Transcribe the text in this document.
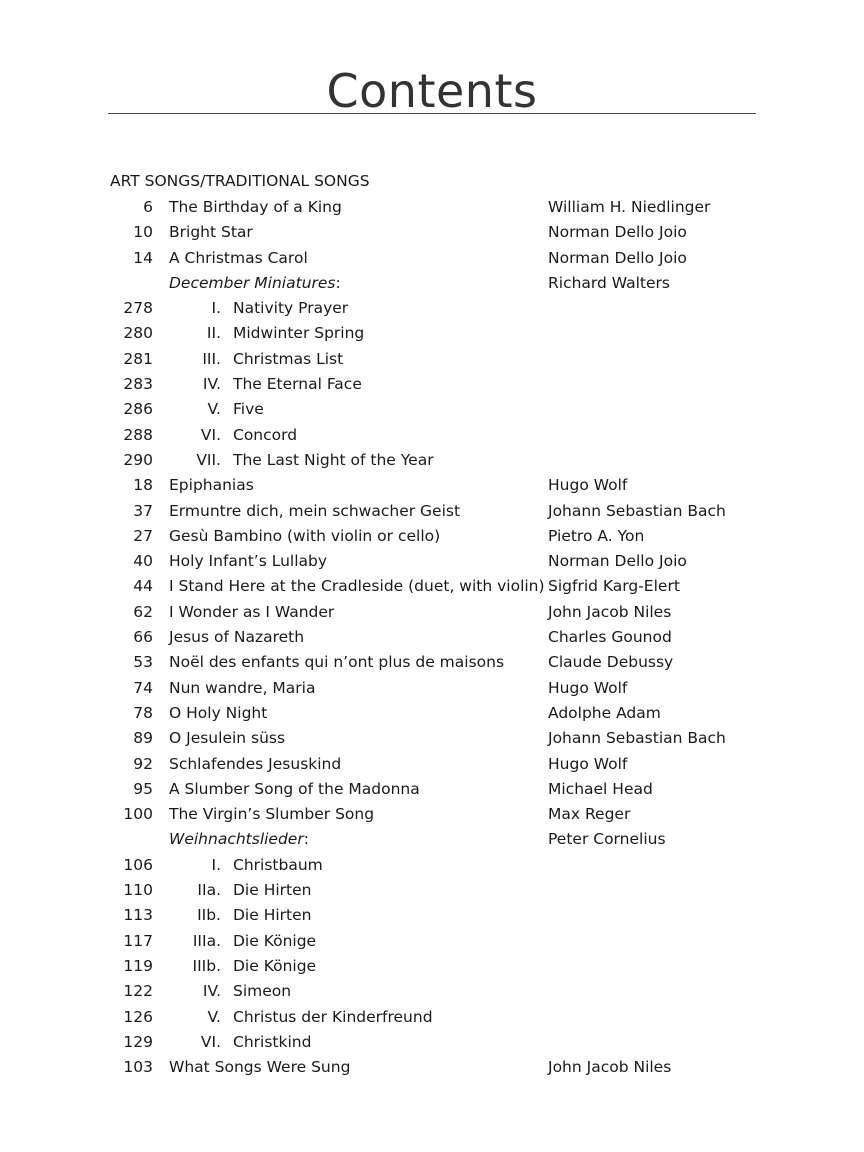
Contents
ART SONGS/TRADITIONAL SONGS
6 The Birthday of a King	William H. Niedlinger
10 Bright Star	Norman Dello Joio
14 A Christmas Carol	Norman Dello Joio
December Miniatures:	Richard Walters
278	I. Nativity Prayer
280	II. Midwinter Spring
281	III. Christmas List
283	IV. The Eternal Face
286	V. Five
288	VI. Concord
290	VII. The Last Night of the Year
18 Epiphanias	Hugo Wolf
37 Ermuntre dich, mein schwacher Geist	Johann Sebastian Bach
27 Gesù Bambino (with violin or cello)	Pietro A. Yon
40 Holy Infant’s Lullaby	Norman Dello Joio
44 I Stand Here at the Cradleside (duet, with violin) Sigfrid Karg-Elert
62 I Wonder as I Wander	John Jacob Niles
66 Jesus of Nazareth	Charles Gounod
53 Noël des enfants qui n’ont plus de maisons	Claude Debussy
74 Nun wandre, Maria	Hugo Wolf
78 O Holy Night	Adolphe Adam
89 O Jesulein süss	Johann Sebastian Bach
92 Schlafendes Jesuskind	Hugo Wolf
95 A Slumber Song of the Madonna	Michael Head
100 The Virgin’s Slumber Song	Max Reger
Weihnachtslieder:	Peter Cornelius
106	I. Christbaum
110	IIa. Die Hirten
113	IIb. Die Hirten
117	IIIa. Die Könige
119	IIIb. Die Könige
122	IV. Simeon
126	V. Christus der Kinderfreund
129	VI. Christkind
103 What Songs Were Sung	John Jacob Niles
